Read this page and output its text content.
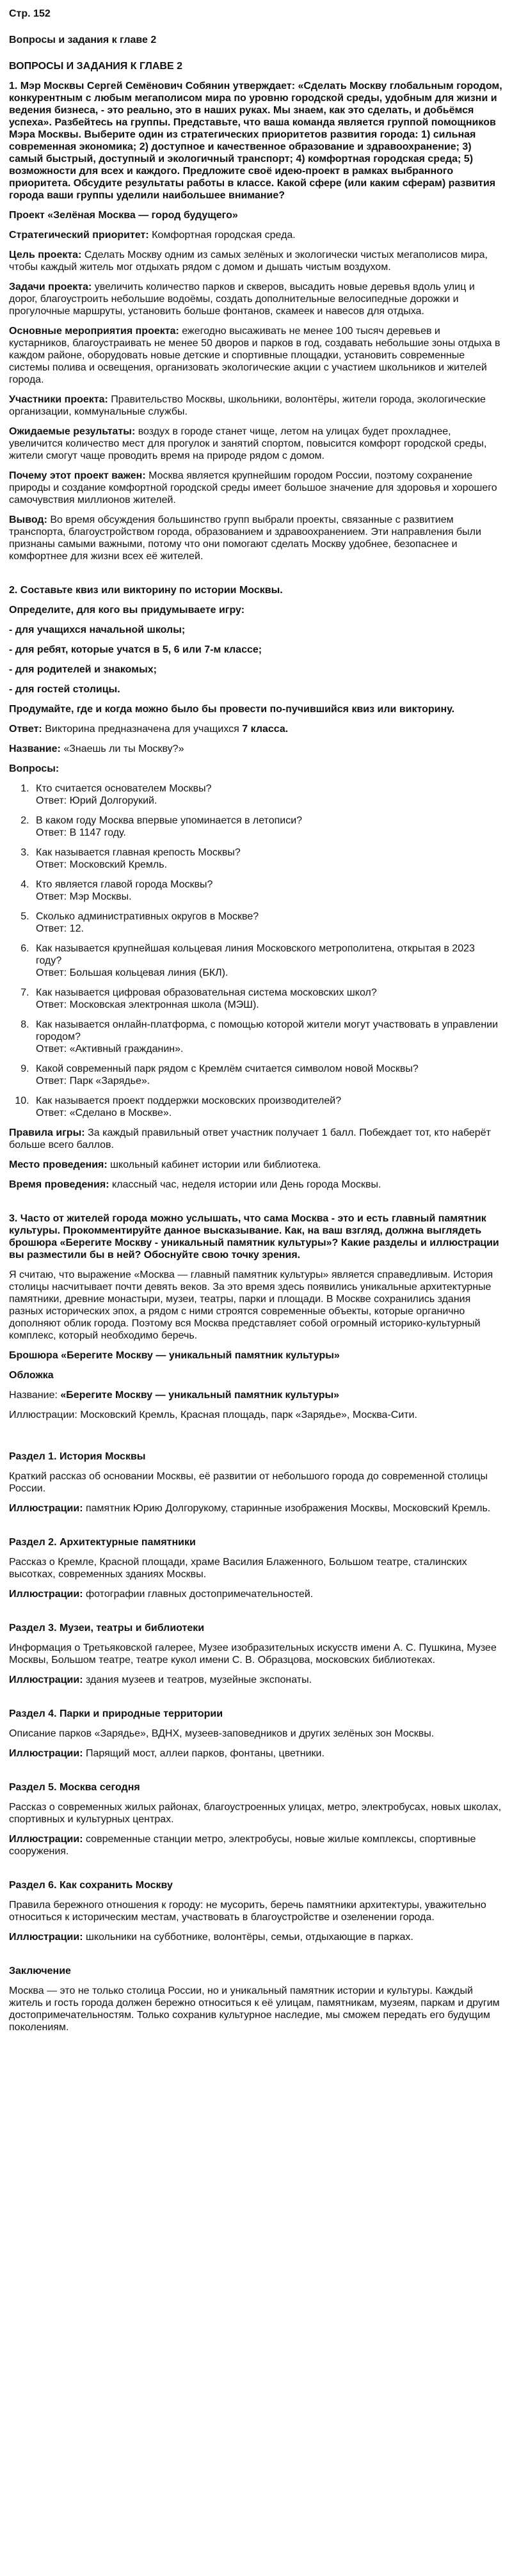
Стр. 152

Вопросы и задания к главе 2

ВОПРОСЫ И ЗАДАНИЯ К ГЛАВЕ 2

1. Мэр Москвы Сергей Семёнович Собянин утверждает: «Сделать Москву глобальным городом, конкурентным с любым мегаполисом мира по уровню городской среды, удобным для жизни и ведения бизнеса, - это реально, это в наших руках. Мы знаем, как это сделать, и добьёмся успеха». Разбейтесь на группы. Представьте, что ваша команда является группой помощников Мэра Москвы. Выберите один из стратегических приоритетов развития города: 1) сильная современная экономика; 2) доступное и качественное образование и здравоохранение; 3) самый быстрый, доступный и экологичный транспорт; 4) комфортная городская среда; 5) возможности для всех и каждого. Предложите своё идею-проект в рамках выбранного приоритета. Обсудите результаты работы в классе. Какой сфере (или каким сферам) развития города ваши группы уделили наибольшее внимание?

Проект «Зелёная Москва — город будущего»

Стратегический приоритет: Комфортная городская среда.

Цель проекта: Сделать Москву одним из самых зелёных и экологически чистых мегаполисов мира, чтобы каждый житель мог отдыхать рядом с домом и дышать чистым воздухом.

Задачи проекта: увеличить количество парков и скверов, высадить новые деревья вдоль улиц и дорог, благоустроить небольшие водоёмы, создать дополнительные велосипедные дорожки и прогулочные маршруты, установить больше фонтанов, скамеек и навесов для отдыха.

Основные мероприятия проекта: ежегодно высаживать не менее 100 тысяч деревьев и кустарников, благоустраивать не менее 50 дворов и парков в год, создавать небольшие зоны отдыха в каждом районе, оборудовать новые детские и спортивные площадки, установить современные системы полива и освещения, организовать экологические акции с участием школьников и жителей города.

Участники проекта: Правительство Москвы, школьники, волонтёры, жители города, экологические организации, коммунальные службы.

Ожидаемые результаты: воздух в городе станет чище, летом на улицах будет прохладнее, увеличится количество мест для прогулок и занятий спортом, повысится комфорт городской среды, жители смогут чаще проводить время на природе рядом с домом.

Почему этот проект важен: Москва является крупнейшим городом России, поэтому сохранение природы и создание комфортной городской среды имеет большое значение для здоровья и хорошего самочувствия миллионов жителей.

Вывод: Во время обсуждения большинство групп выбрали проекты, связанные с развитием транспорта, благоустройством города, образованием и здравоохранением. Эти направления были признаны самыми важными, потому что они помогают сделать Москву удобнее, безопаснее и комфортнее для жизни всех её жителей.

2. Составьте квиз или викторину по истории Москвы.

Определите, для кого вы придумываете игру:

- для учащихся начальной школы;

- для ребят, которые учатся в 5, 6 или 7-м классе;

- для родителей и знакомых;

- для гостей столицы.

Продумайте, где и когда можно было бы провести по-пучившийся квиз или викторину.

Ответ: Викторина предназначена для учащихся 7 класса.

Название: «Знаешь ли ты Москву?»

Вопросы:

1. Кто считается основателем Москвы?
Ответ: Юрий Долгорукий.
2. В каком году Москва впервые упоминается в летописи?
Ответ: В 1147 году.
3. Как называется главная крепость Москвы?
Ответ: Московский Кремль.
4. Кто является главой города Москвы?
Ответ: Мэр Москвы.
5. Сколько административных округов в Москве?
Ответ: 12.
6. Как называется крупнейшая кольцевая линия Московского метрополитена, открытая в 2023 году?
Ответ: Большая кольцевая линия (БКЛ).
7. Как называется цифровая образовательная система московских школ?
Ответ: Московская электронная школа (МЭШ).
8. Как называется онлайн-платформа, с помощью которой жители могут участвовать в управлении городом?
Ответ: «Активный гражданин».
9. Какой современный парк рядом с Кремлём считается символом новой Москвы?
Ответ: Парк «Зарядье».
10. Как называется проект поддержки московских производителей?
Ответ: «Сделано в Москве».

Правила игры: За каждый правильный ответ участник получает 1 балл. Побеждает тот, кто наберёт больше всего баллов.

Место проведения: школьный кабинет истории или библиотека.

Время проведения: классный час, неделя истории или День города Москвы.

3. Часто от жителей города можно услышать, что сама Москва - это и есть главный памятник культуры. Прокомментируйте данное высказывание. Как, на ваш взгляд, должна выглядеть брошюра «Берегите Москву - уникальный памятник культуры»? Какие разделы и иллюстрации вы разместили бы в ней? Обоснуйте свою точку зрения.

Я считаю, что выражение «Москва — главный памятник культуры» является справедливым. История столицы насчитывает почти девять веков. За это время здесь появились уникальные архитектурные памятники, древние монастыри, музеи, театры, парки и площади. В Москве сохранились здания разных исторических эпох, а рядом с ними строятся современные объекты, которые органично дополняют облик города. Поэтому вся Москва представляет собой огромный историко-культурный комплекс, который необходимо беречь.

Брошюра «Берегите Москву — уникальный памятник культуры»

Обложка

Название: «Берегите Москву — уникальный памятник культуры»

Иллюстрации: Московский Кремль, Красная площадь, парк «Зарядье», Москва-Сити.

Раздел 1. История Москвы

Краткий рассказ об основании Москвы, её развитии от небольшого города до современной столицы России.

Иллюстрации: памятник Юрию Долгорукому, старинные изображения Москвы, Московский Кремль.

Раздел 2. Архитектурные памятники

Рассказ о Кремле, Красной площади, храме Василия Блаженного, Большом театре, сталинских высотках, современных зданиях Москвы.

Иллюстрации: фотографии главных достопримечательностей.

Раздел 3. Музеи, театры и библиотеки

Информация о Третьяковской галерее, Музее изобразительных искусств имени А. С. Пушкина, Музее Москвы, Большом театре, театре кукол имени С. В. Образцова, московских библиотеках.

Иллюстрации: здания музеев и театров, музейные экспонаты.

Раздел 4. Парки и природные территории

Описание парков «Зарядье», ВДНХ, музеев-заповедников и других зелёных зон Москвы.

Иллюстрации: Парящий мост, аллеи парков, фонтаны, цветники.

Раздел 5. Москва сегодня

Рассказ о современных жилых районах, благоустроенных улицах, метро, электробусах, новых школах, спортивных и культурных центрах.

Иллюстрации: современные станции метро, электробусы, новые жилые комплексы, спортивные сооружения.

Раздел 6. Как сохранить Москву

Правила бережного отношения к городу: не мусорить, беречь памятники архитектуры, уважительно относиться к историческим местам, участвовать в благоустройстве и озеленении города.

Иллюстрации: школьники на субботнике, волонтёры, семьи, отдыхающие в парках.

Заключение

Москва — это не только столица России, но и уникальный памятник истории и культуры. Каждый житель и гость города должен бережно относиться к её улицам, памятникам, музеям, паркам и другим достопримечательностям. Только сохранив культурное наследие, мы сможем передать его будущим поколениям.
